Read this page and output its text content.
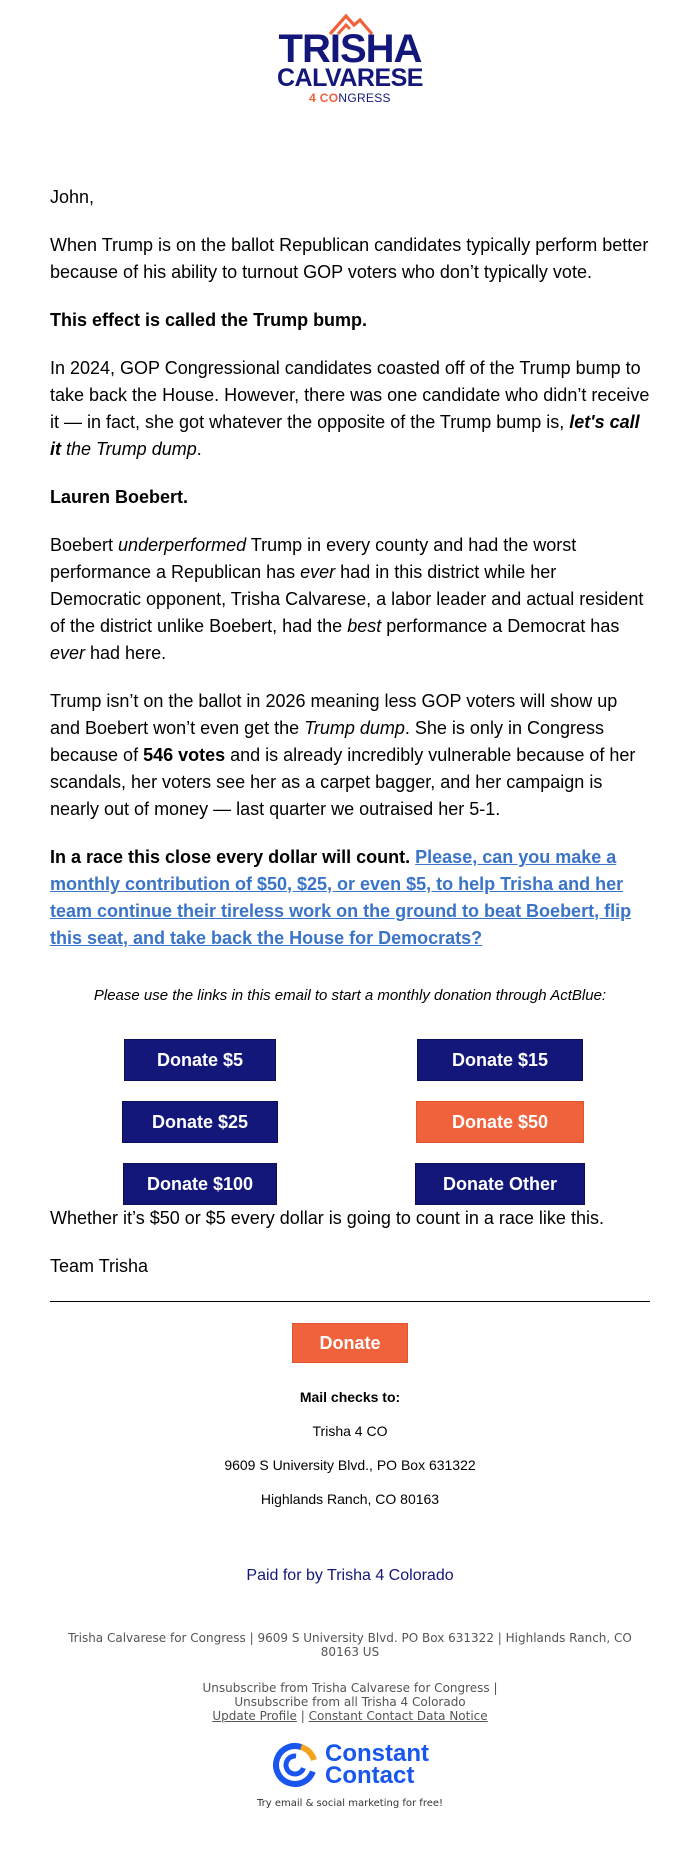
TRISHA
CALVARESE
4 CONGRESS

John,

When Trump is on the ballot Republican candidates typically perform better because of his ability to turnout GOP voters who don’t typically vote.

This effect is called the Trump bump.

In 2024, GOP Congressional candidates coasted off of the Trump bump to take back the House. However, there was one candidate who didn’t receive it — in fact, she got whatever the opposite of the Trump bump is, let's call it the Trump dump.

Lauren Boebert.

Boebert underperformed Trump in every county and had the worst performance a Republican has ever had in this district while her Democratic opponent, Trisha Calvarese, a labor leader and actual resident of the district unlike Boebert, had the best performance a Democrat has ever had here.

Trump isn’t on the ballot in 2026 meaning less GOP voters will show up and Boebert won’t even get the Trump dump. She is only in Congress because of 546 votes and is already incredibly vulnerable because of her scandals, her voters see her as a carpet bagger, and her campaign is nearly out of money — last quarter we outraised her 5-1.

In a race this close every dollar will count. Please, can you make a monthly contribution of $50, $25, or even $5, to help Trisha and her team continue their tireless work on the ground to beat Boebert, flip this seat, and take back the House for Democrats?

Please use the links in this email to start a monthly donation through ActBlue:
Donate $5	Donate $15
Donate $25	Donate $50
Donate $100	Donate Other

Whether it’s $50 or $5 every dollar is going to count in a race like this.

Team Trisha

Donate
Mail checks to:
Trisha 4 CO
9609 S University Blvd., PO Box 631322
Highlands Ranch, CO 80163
Paid for by Trisha 4 Colorado
Trisha Calvarese for Congress | 9609 S University Blvd. PO Box 631322 | Highlands Ranch, CO 80163 US
Unsubscribe from Trisha Calvarese for Congress |
Unsubscribe from all Trisha 4 Colorado
Update Profile | Constant Contact Data Notice
Constant
Contact
Try email & social marketing for free!
